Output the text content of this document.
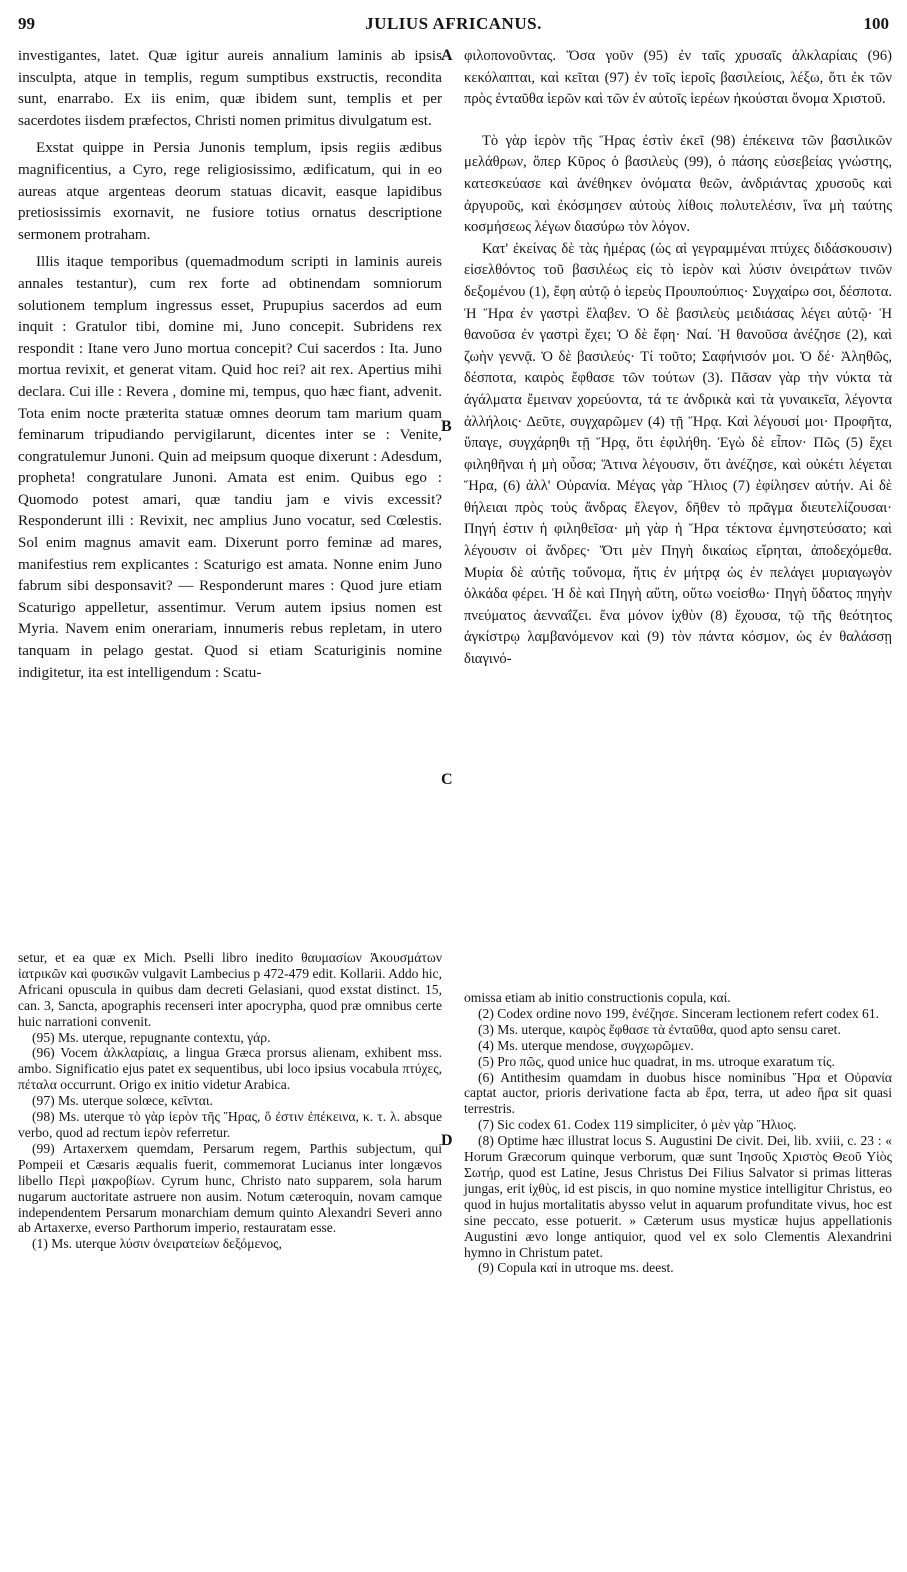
99	JULIUS AFRICANUS.	100
A
B
C
D

investigantes, latet. Quæ igitur aureis annalium laminis ab ipsis insculpta, atque in templis, regum sumptibus exstructis, recondita sunt, enarrabo. Ex iis enim, quæ ibidem sunt, templis et per sacerdotes iisdem præfectos, Christi nomen primitus divulgatum est.

Exstat quippe in Persia Junonis templum, ipsis regiis ædibus magnificentius, a Cyro, rege religiosissimo, ædificatum, qui in eo aureas atque argenteas deorum statuas dicavit, easque lapidibus pretiosissimis exornavit, ne fusiore totius ornatus descriptione sermonem protraham.

Illis itaque temporibus (quemadmodum scripti in laminis aureis annales testantur), cum rex forte ad obtinendam somniorum solutionem templum ingressus esset, Prupupius sacerdos ad eum inquit : Gratulor tibi, domine mi, Juno concepit. Subridens rex respondit : Itane vero Juno mortua concepit? Cui sacerdos : Ita. Juno mortua revixit, et generat vitam. Quid hoc rei? ait rex. Apertius mihi declara. Cui ille : Revera , domine mi, tempus, quo hæc fiant, advenit. Tota enim nocte præterita statuæ omnes deorum tam marium quam feminarum tripudiando pervigilarunt, dicentes inter se : Venite, congratulemur Junoni. Quin ad meipsum quoque dixerunt : Adesdum, propheta! congratulare Junoni. Amata est enim. Quibus ego : Quomodo potest amari, quæ tandiu jam e vivis excessit? Responderunt illi : Revixit, nec amplius Juno vocatur, sed Cœlestis. Sol enim magnus amavit eam. Dixerunt porro feminæ ad mares, manifestius rem explicantes : Scaturigo est amata. Nonne enim Juno fabrum sibi desponsavit? — Responderunt mares : Quod jure etiam Scaturigo appelletur, assentimur. Verum autem ipsius nomen est Myria. Navem enim onerariam, innumeris rebus repletam, in utero tanquam in pelago gestat. Quod si etiam Scaturiginis nomine indigitetur, ita est intelligendum : Scatu-

φιλοπονοῦντας. Ὅσα γοῦν (95) ἐν ταῖς χρυσαῖς ἀλκλαρίαις (96) κεκόλαπται, καὶ κεῖται (97) ἐν τοῖς ἱεροῖς βασιλείοις, λέξω, ὅτι ἐκ τῶν πρὸς ἐνταῦθα ἱερῶν καὶ τῶν ἐν αὐτοῖς ἱερέων ἠκούσται ὄνομα Χριστοῦ.

Τὸ γὰρ ἱερὸν τῆς Ἥρας ἐστὶν ἐκεῖ (98) ἐπέκεινα τῶν βασιλικῶν μελάθρων, ὅπερ Κῦρος ὁ βασιλεὺς (99), ὁ πάσης εὐσεβείας γνώστης, κατεσκεύασε καὶ ἀνέθηκεν ὀνόματα θεῶν, ἀνδριάντας χρυσοῦς καὶ ἀργυροῦς, καὶ ἐκόσμησεν αὐτοὺς λίθοις πολυτελέσιν, ἵνα μὴ ταύτης κοσμήσεως λέγων διασύρω τὸν λόγον.

Κατ' ἐκείνας δὲ τὰς ἡμέρας (ὡς αἱ γεγραμμέναι πτύχες διδάσκουσιν) εἰσελθόντος τοῦ βασιλέως εἰς τὸ ἱερὸν καὶ λύσιν ὀνειράτων τινῶν δεξομένου (1), ἔφη αὐτῷ ὁ ἱερεὺς Προυπούπιος· Συγχαίρω σοι, δέσποτα. Ἡ Ἥρα ἐν γαστρὶ ἔλαβεν. Ὁ δὲ βασιλεὺς μειδιάσας λέγει αὐτῷ· Ἡ θανοῦσα ἐν γαστρὶ ἔχει; Ὁ δὲ ἔφη· Ναί. Ἡ θανοῦσα ἀνέζησε (2), καὶ ζωὴν γεννᾷ. Ὁ δὲ βασιλεύς· Τί τοῦτο; Σαφήνισόν μοι. Ὁ δέ· Ἀληθῶς, δέσποτα, καιρὸς ἔφθασε τῶν τούτων (3). Πᾶσαν γὰρ τὴν νύκτα τὰ ἀγάλματα ἔμειναν χορεύοντα, τά τε ἀνδρικὰ καὶ τὰ γυναικεῖα, λέγοντα ἀλλήλοις· Δεῦτε, συγχαρῶμεν (4) τῇ Ἥρᾳ. Καὶ λέγουσί μοι· Προφῆτα, ὕπαγε, συγχάρηθι τῇ Ἥρᾳ, ὅτι ἐφιλήθη. Ἐγὼ δὲ εἶπον· Πῶς (5) ἔχει φιληθῆναι ἡ μὴ οὖσα; Ἅτινα λέγουσιν, ὅτι ἀνέζησε, καὶ οὐκέτι λέγεται Ἥρα, (6) ἀλλ' Οὐρανία. Μέγας γὰρ Ἥλιος (7) ἐφίλησεν αὐτήν. Αἱ δὲ θήλειαι πρὸς τοὺς ἄνδρας ἔλεγον, δῆθεν τὸ πρᾶγμα διευτελίζουσαι· Πηγή ἐστιν ἡ φιληθεῖσα· μὴ γὰρ ἡ Ἥρα τέκτονα ἐμνηστεύσατο; καὶ λέγουσιν οἱ ἄνδρες· Ὅτι μὲν Πηγὴ δικαίως εἴρηται, ἀποδεχόμεθα. Μυρία δὲ αὐτῆς τοὔνομα, ἥτις ἐν μήτρᾳ ὡς ἐν πελάγει μυριαγωγὸν ὁλκάδα φέρει. Ἡ δὲ καὶ Πηγὴ αὕτη, οὕτω νοείσθω· Πηγὴ ὕδατος πηγὴν πνεύματος ἀενναΐζει. ἕνα μόνον ἰχθὺν (8) ἔχουσα, τῷ τῆς θεότητος ἀγκίστρῳ λαμβανόμενον καὶ (9) τὸν πάντα κόσμον, ὡς ἐν θαλάσσῃ διαγινό-

setur, et ea quæ ex Mich. Pselli libro inedito θαυμασίων Ἀκουσμάτων ἰατρικῶν καὶ φυσικῶν vulgavit Lambecius p 472-479 edit. Kollarii. Addo hic, Africani opuscula in quibus dam decreti Gelasiani, quod exstat distinct. 15, can. 3, Sancta, apographis recenseri inter apocrypha, quod præ omnibus certe huic narrationi convenit.

(95) Ms. uterque, repugnante contextu, γάρ.

(96) Vocem ἀλκλαρίαις, a lingua Græca prorsus alienam, exhibent mss. ambo. Significatio ejus patet ex sequentibus, ubi loco ipsius vocabula πτύχες, πέταλα occurrunt. Origo ex initio videtur Arabica.

(97) Ms. uterque solœce, κεῖνται.

(98) Ms. uterque τὸ γὰρ ἱερὸν τῆς Ἥρας, ὅ ἐστιν ἐπέκεινα, κ. τ. λ. absque verbo, quod ad rectum ἱερὸν referretur.

(99) Artaxerxem quemdam, Persarum regem, Parthis subjectum, qui Pompeii et Cæsaris æqualis fuerit, commemorat Lucianus inter longævos libello Περὶ μακροβίων. Cyrum hunc, Christo nato supparem, sola harum nugarum auctoritate astruere non ausim. Notum cæteroquin, novam camque independentem Persarum monarchiam demum quinto Alexandri Severi anno ab Artaxerxe, everso Parthorum imperio, restauratam esse.

(1) Ms. uterque λύσιν ὀνειρατείων δεξόμενος,

omissa etiam ab initio constructionis copula, καί.

(2) Codex ordine novo 199, ἐνέζησε. Sinceram lectionem refert codex 61.

(3) Ms. uterque, καιρὸς ἔφθασε τὰ ἐνταῦθα, quod apto sensu caret.

(4) Ms. uterque mendose, συγχωρῶμεν.

(5) Pro πῶς, quod unice huc quadrat, in ms. utroque exaratum τίς.

(6) Antithesim quamdam in duobus hisce nominibus Ἥρα et Οὐρανία captat auctor, prioris derivatione facta ab ἔρα, terra, ut adeo ἥρα sit quasi terrestris.

(7) Sic codex 61. Codex 119 simpliciter, ὁ μὲν γὰρ Ἥλιος.

(8) Optime hæc illustrat locus S. Augustini De civit. Dei, lib. xviii, c. 23 : « Horum Græcorum quinque verborum, quæ sunt Ἰησοῦς Χριστὸς Θεοῦ Υἱὸς Σωτήρ, quod est Latine, Jesus Christus Dei Filius Salvator si primas litteras jungas, erit ἰχθὺς, id est piscis, in quo nomine mystice intelligitur Christus, eo quod in hujus mortalitatis abysso velut in aquarum profunditate vivus, hoc est sine peccato, esse potuerit. » Cæterum usus mysticæ hujus appellationis Augustini ævo longe antiquior, quod vel ex solo Clementis Alexandrini hymno in Christum patet.

(9) Copula καί in utroque ms. deest.
